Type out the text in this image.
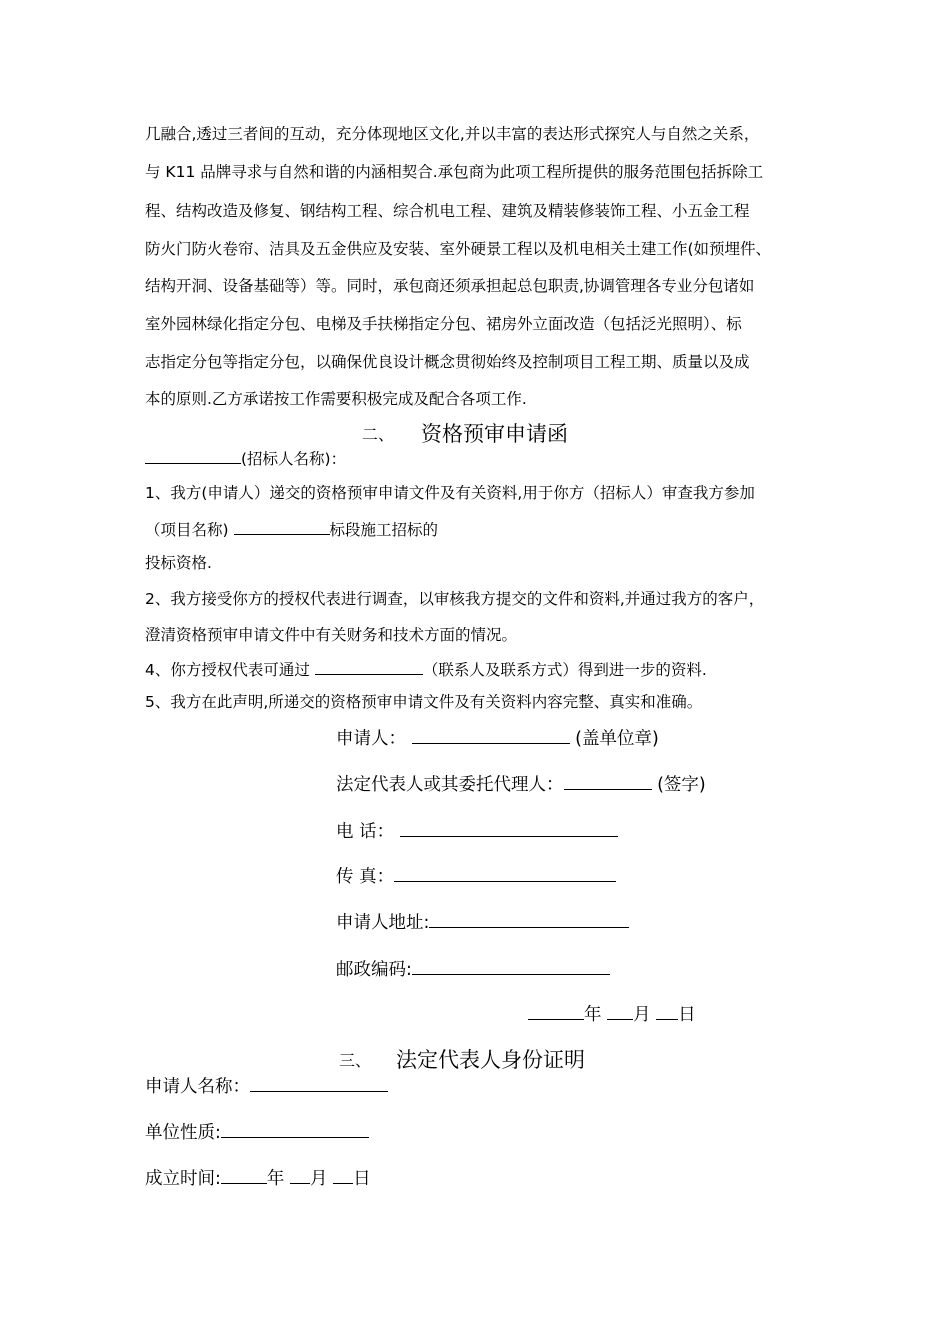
几融合,透过三者间的互动，充分体现地区文化,并以丰富的表达形式探究人与自然之关系，
与 K11 品牌寻求与自然和谐的内涵相契合.承包商为此项工程所提供的服务范围包括拆除工
程、结构改造及修复、钢结构工程、综合机电工程、建筑及精装修装饰工程、小五金工程
防火门防火卷帘、洁具及五金供应及安装、室外硬景工程以及机电相关土建工作(如预埋件、
结构开洞、设备基础等）等。同时，承包商还须承担起总包职责,协调管理各专业分包诸如
室外园林绿化指定分包、电梯及手扶梯指定分包、裙房外立面改造（包括泛光照明）、标
志指定分包等指定分包，以确保优良设计概念贯彻始终及控制项目工程工期、质量以及成
本的原则.乙方承诺按工作需要积极完成及配合各项工作.
二、 资格预审申请函
(招标人名称)：
1、我方(申请人）递交的资格预审申请文件及有关资料,用于你方（招标人）审查我方参加
（项目名称)	标段施工招标的
投标资格.
2、我方接受你方的授权代表进行调查，以审核我方提交的文件和资料,并通过我方的客户，
澄清资格预审申请文件中有关财务和技术方面的情况。
4、你方授权代表可通过	（联系人及联系方式）得到进一步的资料.
5、我方在此声明,所递交的资格预审申请文件及有关资料内容完整、真实和准确。
申请人：	(盖单位章)
法定代表人或其委托代理人：	(签字)
电 话：
传 真：
申请人地址:
邮政编码:
年 月 日
三、 法定代表人身份证明
申请人名称：
单位性质:
成立时间:	年 月 日
